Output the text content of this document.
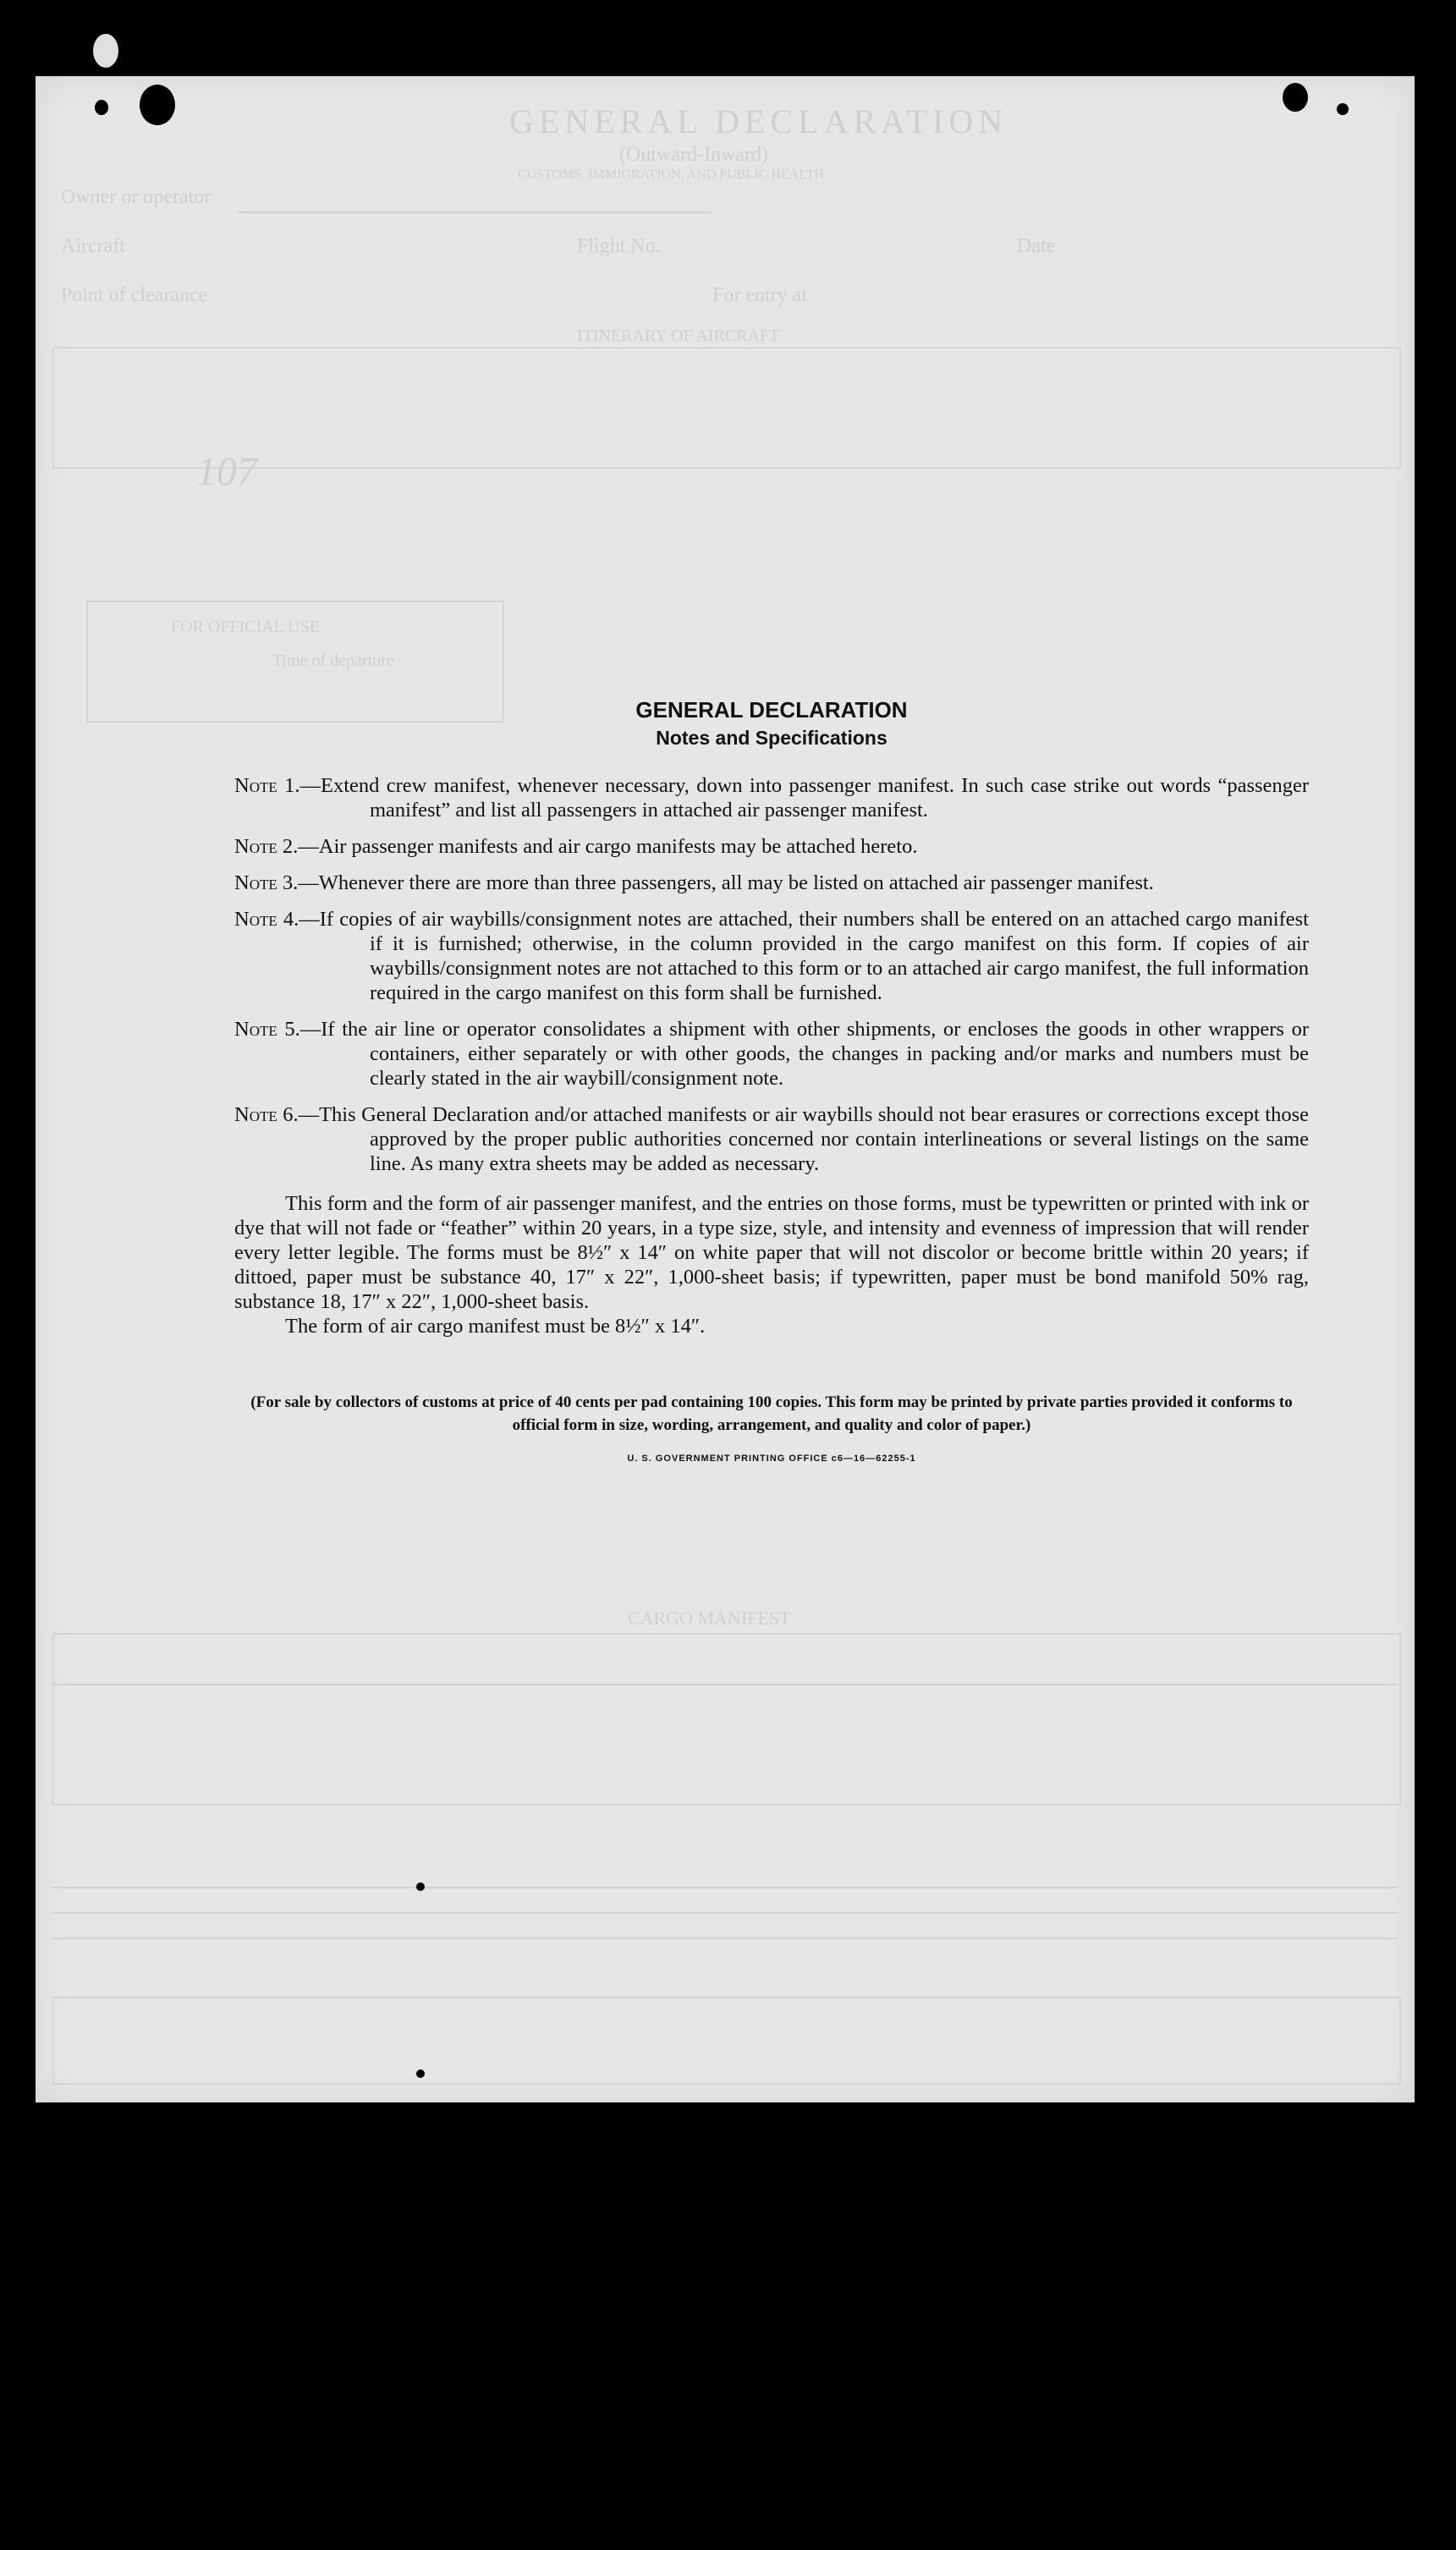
GENERAL DECLARATION
(Outward-Inward)
CUSTOMS, IMMIGRATION, AND PUBLIC HEALTH
Owner or operator
Aircraft	Flight No.	Date
Point of clearance	For entry at
ITINERARY OF AIRCRAFT
107
FOR OFFICIAL USE
Time of departure
CARGO MANIFEST
GENERAL DECLARATION
Notes and Specifications

Note 1.—Extend crew manifest, whenever necessary, down into passenger manifest. In such case strike out words “passenger manifest” and list all passengers in attached air passenger manifest.

Note 2.—Air passenger manifests and air cargo manifests may be attached hereto.

Note 3.—Whenever there are more than three passengers, all may be listed on attached air passenger manifest.

Note 4.—If copies of air waybills/consignment notes are attached, their numbers shall be entered on an attached cargo manifest if it is furnished; otherwise, in the column provided in the cargo manifest on this form. If copies of air waybills/consignment notes are not attached to this form or to an attached air cargo manifest, the full information required in the cargo manifest on this form shall be furnished.

Note 5.—If the air line or operator consolidates a shipment with other shipments, or encloses the goods in other wrappers or containers, either separately or with other goods, the changes in packing and/or marks and numbers must be clearly stated in the air waybill/consignment note.

Note 6.—This General Declaration and/or attached manifests or air waybills should not bear erasures or corrections except those approved by the proper public authorities concerned nor contain interlineations or several listings on the same line. As many extra sheets may be added as necessary.

This form and the form of air passenger manifest, and the entries on those forms, must be typewritten or printed with ink or dye that will not fade or “feather” within 20 years, in a type size, style, and intensity and evenness of impression that will render every letter legible. The forms must be 8½″ x 14″ on white paper that will not discolor or become brittle within 20 years; if dittoed, paper must be substance 40, 17″ x 22″, 1,000-sheet basis; if typewritten, paper must be bond manifold 50% rag, substance 18, 17″ x 22″, 1,000-sheet basis.

The form of air cargo manifest must be 8½″ x 14″.

(For sale by collectors of customs at price of 40 cents per pad containing 100 copies. This form may be printed by private parties provided it conforms to official form in size, wording, arrangement, and quality and color of paper.)

U. S. GOVERNMENT PRINTING OFFICE c6—16—62255-1
